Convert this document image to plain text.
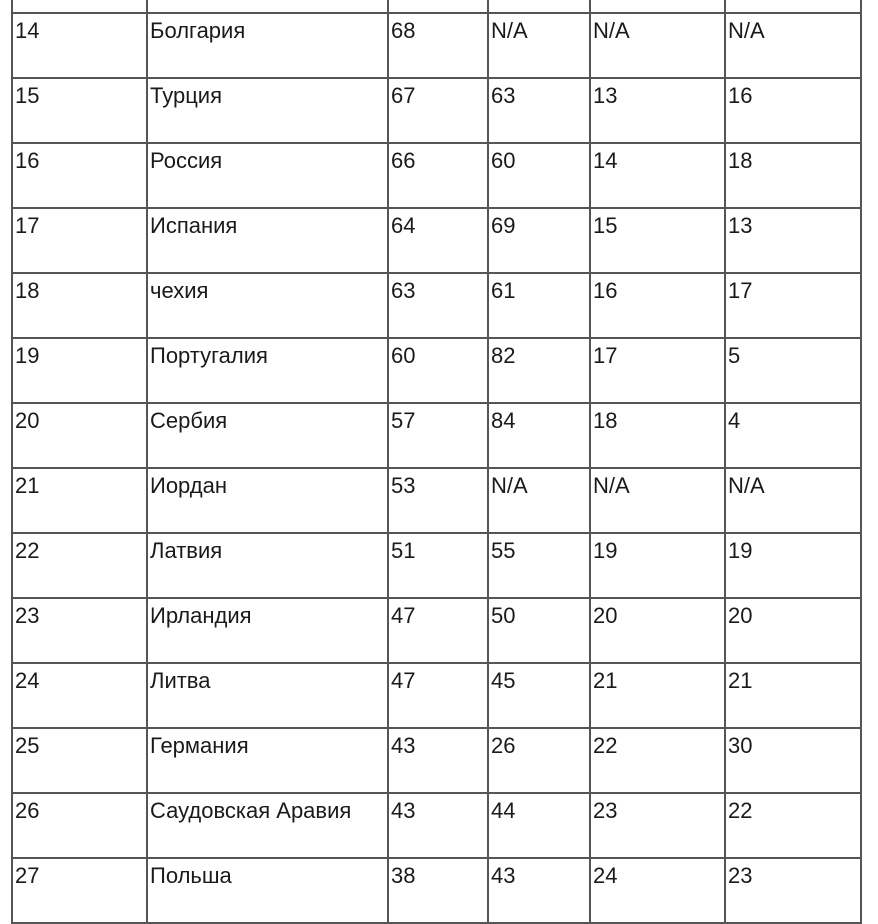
14	Болгария	68	N/A	N/A	N/A
15	Турция	67	63	13	16
16	Россия	66	60	14	18
17	Испания	64	69	15	13
18	чехия	63	61	16	17
19	Португалия	60	82	17	5
20	Сербия	57	84	18	4
21	Иордан	53	N/A	N/A	N/A
22	Латвия	51	55	19	19
23	Ирландия	47	50	20	20
24	Литва	47	45	21	21
25	Германия	43	26	22	30
26	Саудовская Аравия	43	44	23	22
27	Польша	38	43	24	23
